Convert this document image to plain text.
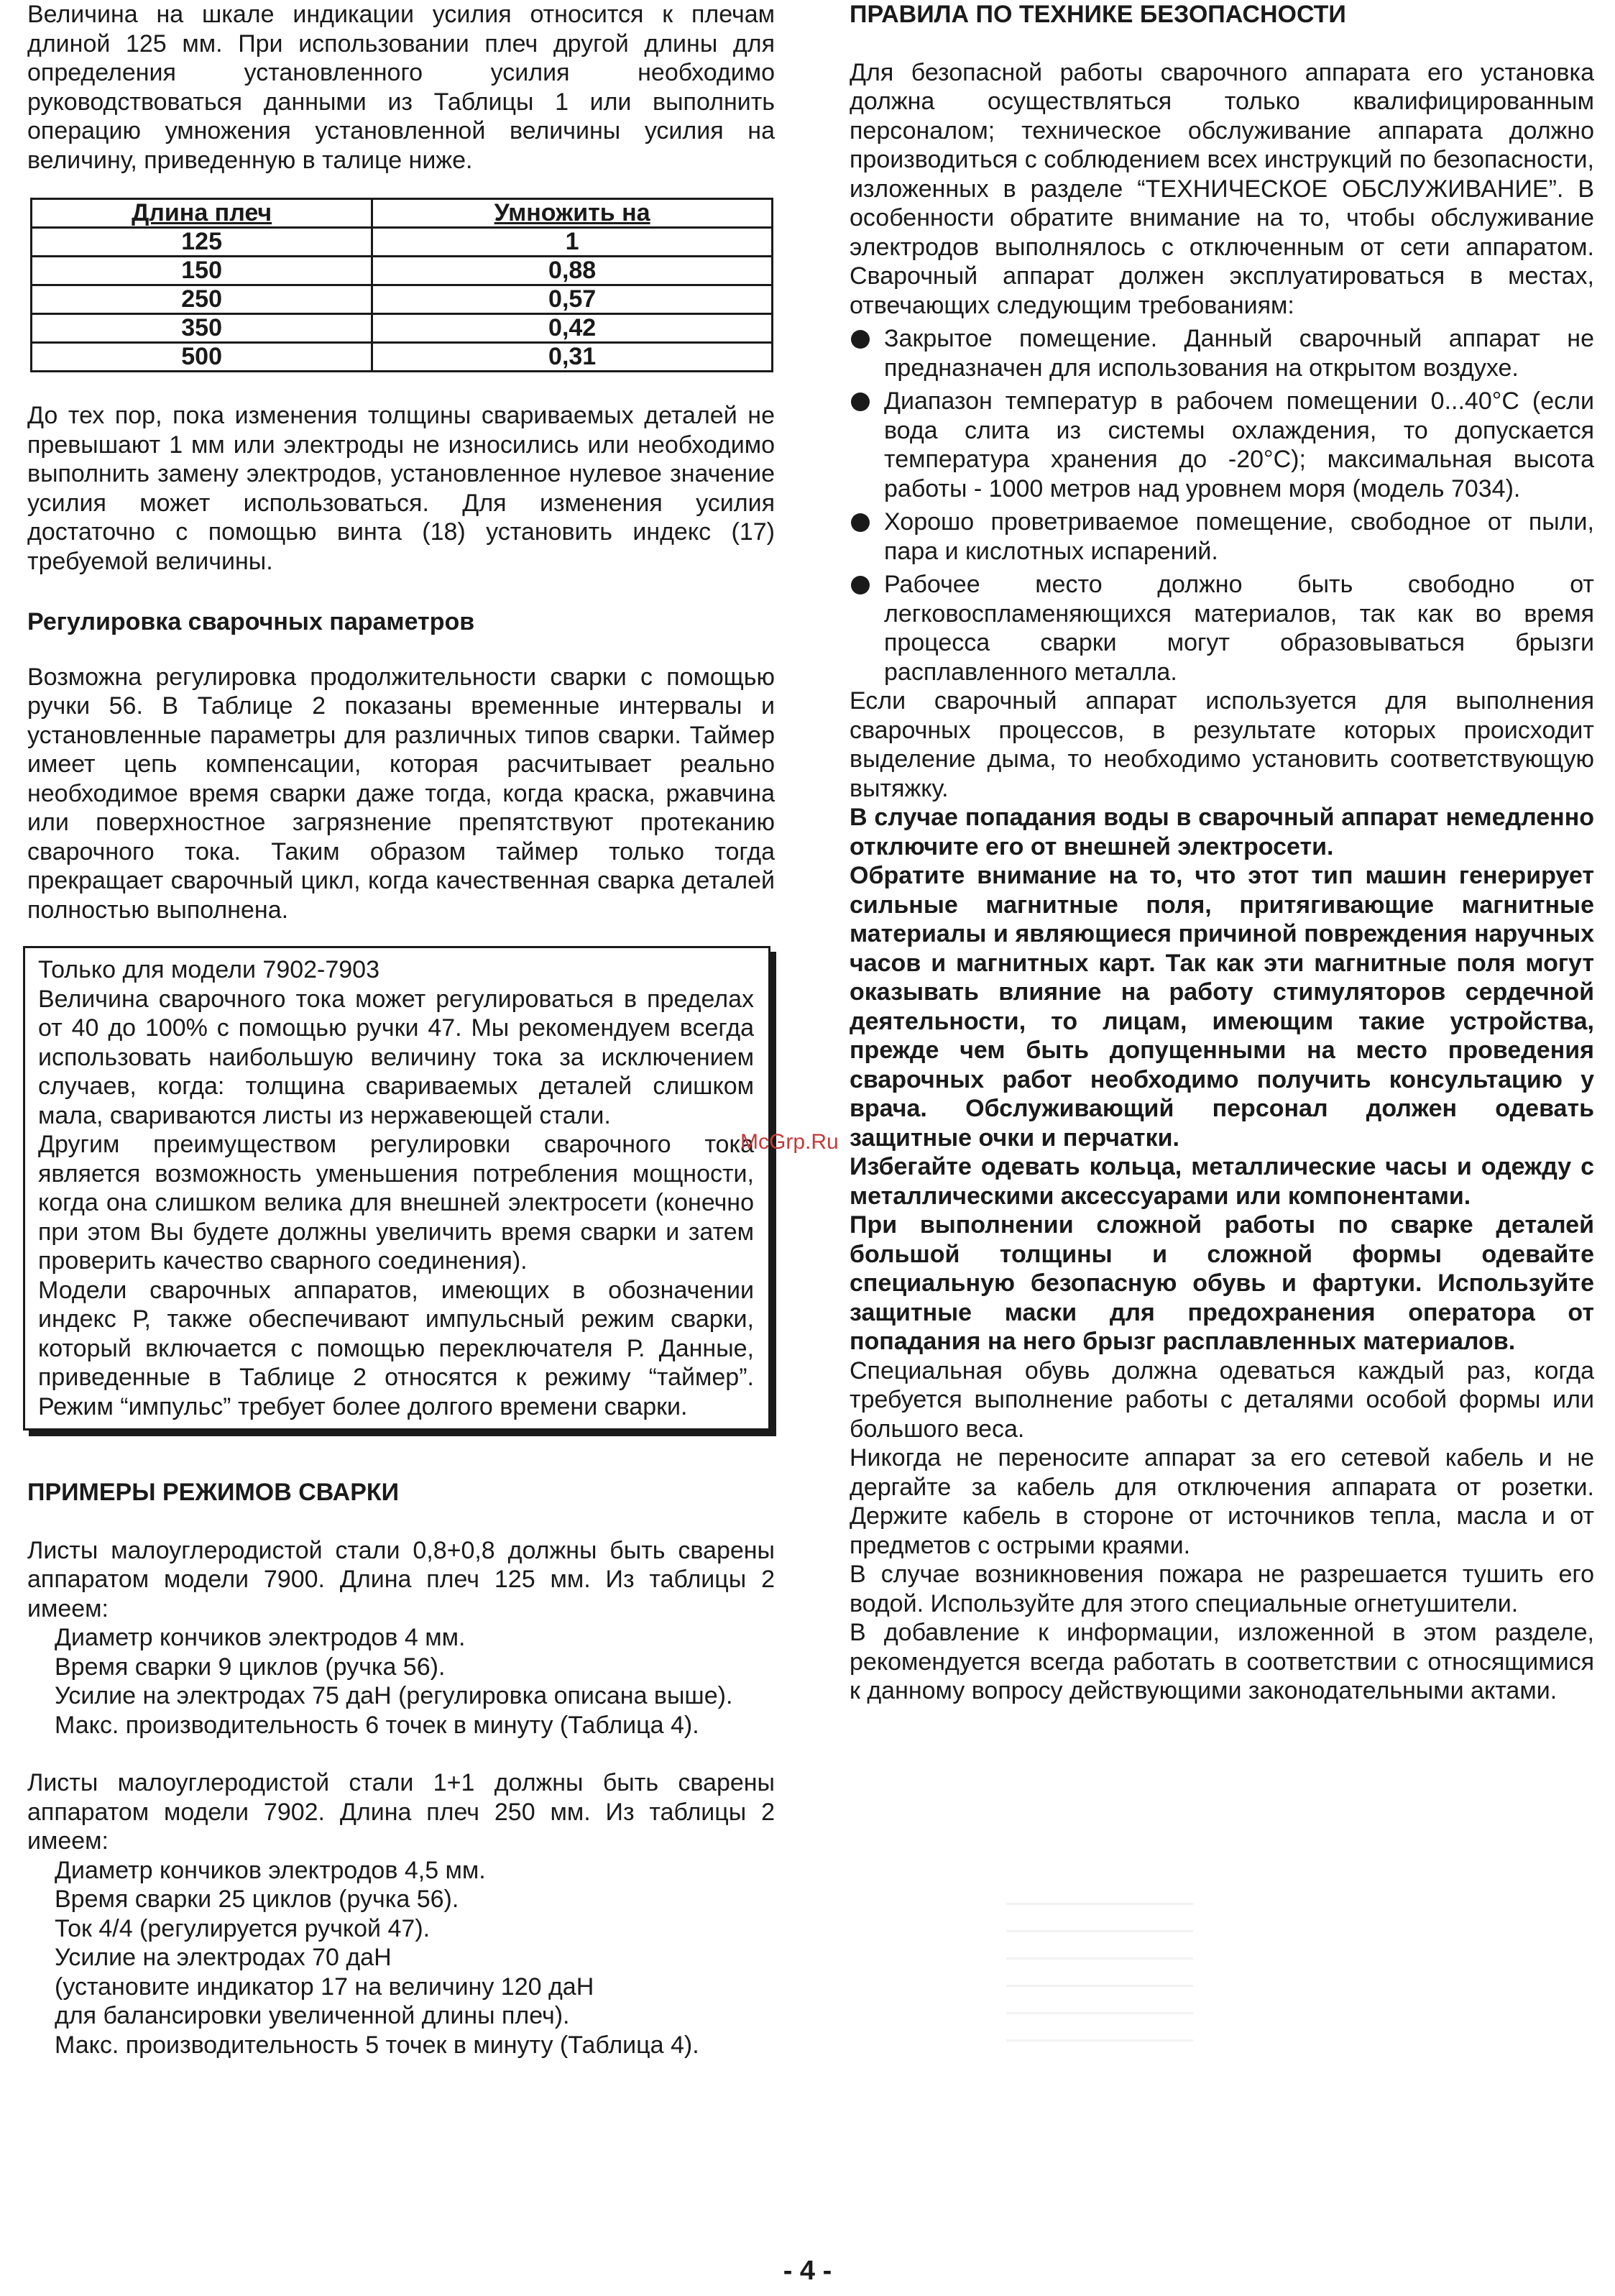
Величина на шкале индикации усилия относится к плечам длиной 125 мм. При использовании плеч другой длины для определения установленного усилия необходимо руководствоваться данными из Таблицы 1 или выполнить операцию умножения установленной величины усилия на величину, приведенную в талице ниже.

Длина плеч	Умножить на
125	1
150	0,88
250	0,57
350	0,42
500	0,31

До тех пор, пока изменения толщины свариваемых деталей не превышают 1 мм или электроды не износились или необходимо выполнить замену электродов, установленное нулевое значение усилия может использоваться. Для изменения усилия достаточно с помощью винта (18) установить индекс (17) требуемой величины.

Регулировка сварочных параметров

Возможна регулировка продолжительности сварки с помощью ручки 56. В Таблице 2 показаны временные интервалы и установленные параметры для различных типов сварки. Таймер имеет цепь компенсации, которая расчитывает реально необходимое время сварки даже тогда, когда краска, ржавчина или поверхностное загрязнение препятствуют протеканию сварочного тока. Таким образом таймер только тогда прекращает сварочный цикл, когда качественная сварка деталей полностью выполнена.

Только для модели 7902-7903

Величина сварочного тока может регулироваться в пределах от 40 до 100% с помощью ручки 47. Мы рекомендуем всегда использовать наибольшую величину тока за исключением случаев, когда: толщина свариваемых деталей слишком мала, свариваются листы из нержавеющей стали.

Другим преимуществом регулировки сварочного тока является возможность уменьшения потребления мощности, когда она слишком велика для внешней электросети (конечно при этом Вы будете должны увеличить время сварки и затем проверить качество сварного соединения).

Модели сварочных аппаратов, имеющих в обозначении индекс Р, также обеспечивают импульсный режим сварки, который включается с помощью переключателя Р. Данные, приведенные в Таблице 2 относятся к режиму “таймер”. Режим “импульс” требует более долгого времени сварки.

ПРИМЕРЫ РЕЖИМОВ СВАРКИ

Листы малоуглеродистой стали 0,8+0,8 должны быть сварены аппаратом модели 7900. Длина плеч 125 мм. Из таблицы 2 имеем:

Диаметр кончиков электродов 4 мм.

Время сварки 9 циклов (ручка 56).

Усилие на электродах 75 даН (регулировка описана выше).

Макс. производительность 6 точек в минуту (Таблица 4).

Листы малоуглеродистой стали 1+1 должны быть сварены аппаратом модели 7902. Длина плеч 250 мм. Из таблицы 2 имеем:

Диаметр кончиков электродов 4,5 мм.

Время сварки 25 циклов (ручка 56).

Ток 4/4 (регулируется ручкой 47).

Усилие на электродах 70 даН

(установите индикатор 17 на величину 120 даН

для балансировки увеличенной длины плеч).

Макс. производительность 5 точек в минуту (Таблица 4).

ПРАВИЛА ПО ТЕХНИКЕ БЕЗОПАСНОСТИ

Для безопасной работы сварочного аппарата его установка должна осуществляться только квалифицированным персоналом; техническое обслуживание аппарата должно производиться с соблюдением всех инструкций по безопасности, изложенных в разделе “ТЕХНИЧЕСКОЕ ОБСЛУЖИВАНИЕ”. В особенности обратите внимание на то, чтобы обслуживание электродов выполнялось с отключенным от сети аппаратом. Сварочный аппарат должен эксплуатироваться в местах, отвечающих следующим требованиям:

Закрытое помещение. Данный сварочный аппарат не предназначен для использования на открытом воздухе.

Диапазон температур в рабочем помещении 0...40°С (если вода слита из системы охлаждения, то допускается температура хранения до -20°С); максимальная высота работы - 1000 метров над уровнем моря (модель 7034).

Хорошо проветриваемое помещение, свободное от пыли, пара и кислотных испарений.

Рабочее место должно быть свободно от легковоспламеняющихся материалов, так как во время процесса сварки могут образовываться брызги расплавленного металла.

Если сварочный аппарат используется для выполнения сварочных процессов, в результате которых происходит выделение дыма, то необходимо установить соответствующую вытяжку.

В случае попадания воды в сварочный аппарат немедленно отключите его от внешней электросети.

Обратите внимание на то, что этот тип машин генерирует сильные магнитные поля, притягивающие магнитные материалы и являющиеся причиной повреждения наручных часов и магнитных карт. Так как эти магнитные поля могут оказывать влияние на работу стимуляторов сердечной деятельности, то лицам, имеющим такие устройства, прежде чем быть допущенными на место проведения сварочных работ необходимо получить консультацию у врача. Обслуживающий персонал должен одевать защитные очки и перчатки.

Избегайте одевать кольца, металлические часы и одежду с металлическими аксессуарами или компонентами.

При выполнении сложной работы по сварке деталей большой толщины и сложной формы одевайте специальную безопасную обувь и фартуки. Используйте защитные маски для предохранения оператора от попадания на него брызг расплавленных материалов.

Специальная обувь должна одеваться каждый раз, когда требуется выполнение работы с деталями особой формы или большого веса.

Никогда не переносите аппарат за его сетевой кабель и не дергайте за кабель для отключения аппарата от розетки. Держите кабель в стороне от источников тепла, масла и от предметов с острыми краями.

В случае возникновения пожара не разрешается тушить его водой. Используйте для этого специальные огнетушители.

В добавление к информации, изложенной в этом разделе, рекомендуется всегда работать в соответствии с относящимися к данному вопросу действующими законодательными актами.

McGrp.Ru
- 4 -
